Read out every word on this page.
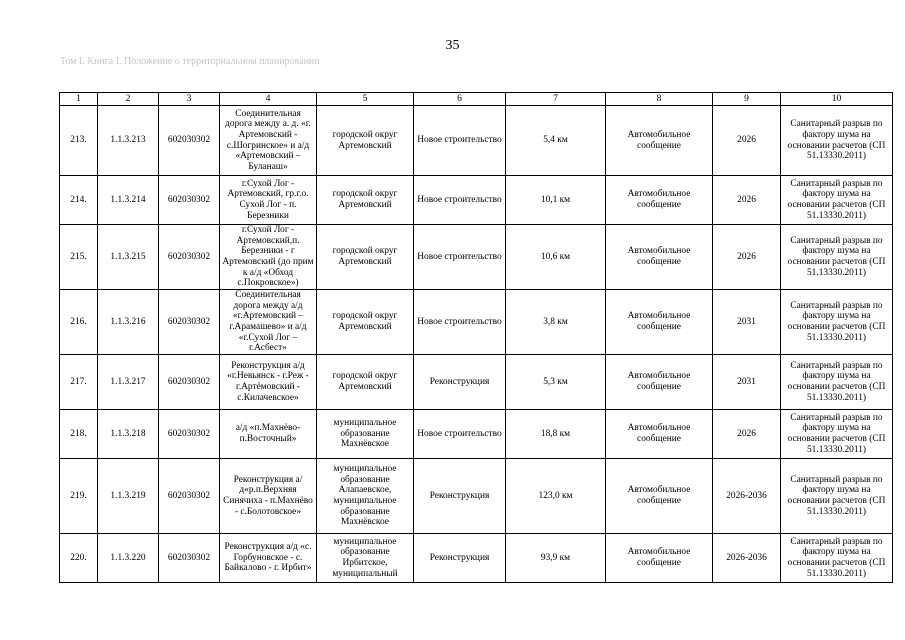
35
Том I. Книга I. Положение о территориальном планировании
1	2	3	4	5	6	7	8	9	10
213.	1.1.3.213	602030302	Соединительная дорога между а. д. «г. Артемовский - с.Шогринское» и а/д «Артемовский – Буланаш»	городской округ Артемовский	Новое строительство	5,4 км	Автомобильное сообщение	2026	Санитарный разрыв по фактору шума на основании расчетов (СП 51.13330.2011)
214.	1.1.3.214	602030302	г.Сухой Лог - Артемовский, гр.г.о. Сухой Лог - п. Березники	городской округ Артемовский	Новое строительство	10,1 км	Автомобильное сообщение	2026	Санитарный разрыв по фактору шума на основании расчетов (СП 51.13330.2011)
215.	1.1.3.215	602030302	г.Сухой Лог - Артемовский,п. Березники - г Артемовский (до прим к а/д «Обход с.Покровское»)	городской округ Артемовский	Новое строительство	10,6 км	Автомобильное сообщение	2026	Санитарный разрыв по фактору шума на основании расчетов (СП 51.13330.2011)
216.	1.1.3.216	602030302	Соединительная дорога между а/д «г.Артемовский – г.Арамашево» и а/д «г.Сухой Лог – г.Асбест»	городской округ Артемовский	Новое строительство	3,8 км	Автомобильное сообщение	2031	Санитарный разрыв по фактору шума на основании расчетов (СП 51.13330.2011)
217.	1.1.3.217	602030302	Реконструкция а/д «г.Невьянск - г.Реж - г.Артёмовский - с.Килачевское»	городской округ Артемовский	Реконструкция	5,3 км	Автомобильное сообщение	2031	Санитарный разрыв по фактору шума на основании расчетов (СП 51.13330.2011)
218.	1.1.3.218	602030302	а/д «п.Махнёво-п.Восточный»	муниципальное образование Махнёвское	Новое строительство	18,8 км	Автомобильное сообщение	2026	Санитарный разрыв по фактору шума на основании расчетов (СП 51.13330.2011)
219.	1.1.3.219	602030302	Реконструкция а/д«р.п.Верхняя Синячиха - п.Махнёво - с.Болотовское»	муниципальное образование Алапаевское, муниципальное образование Махнёвское	Реконструкция	123,0 км	Автомобильное сообщение	2026-2036	Санитарный разрыв по фактору шума на основании расчетов (СП 51.13330.2011)
220.	1.1.3.220	602030302	Реконструкция а/д «с. Горбуновское - с. Байкалово - г. Ирбит»	муниципальное образование Ирбитское, муниципальный	Реконструкция	93,9 км	Автомобильное сообщение	2026-2036	Санитарный разрыв по фактору шума на основании расчетов (СП 51.13330.2011)
